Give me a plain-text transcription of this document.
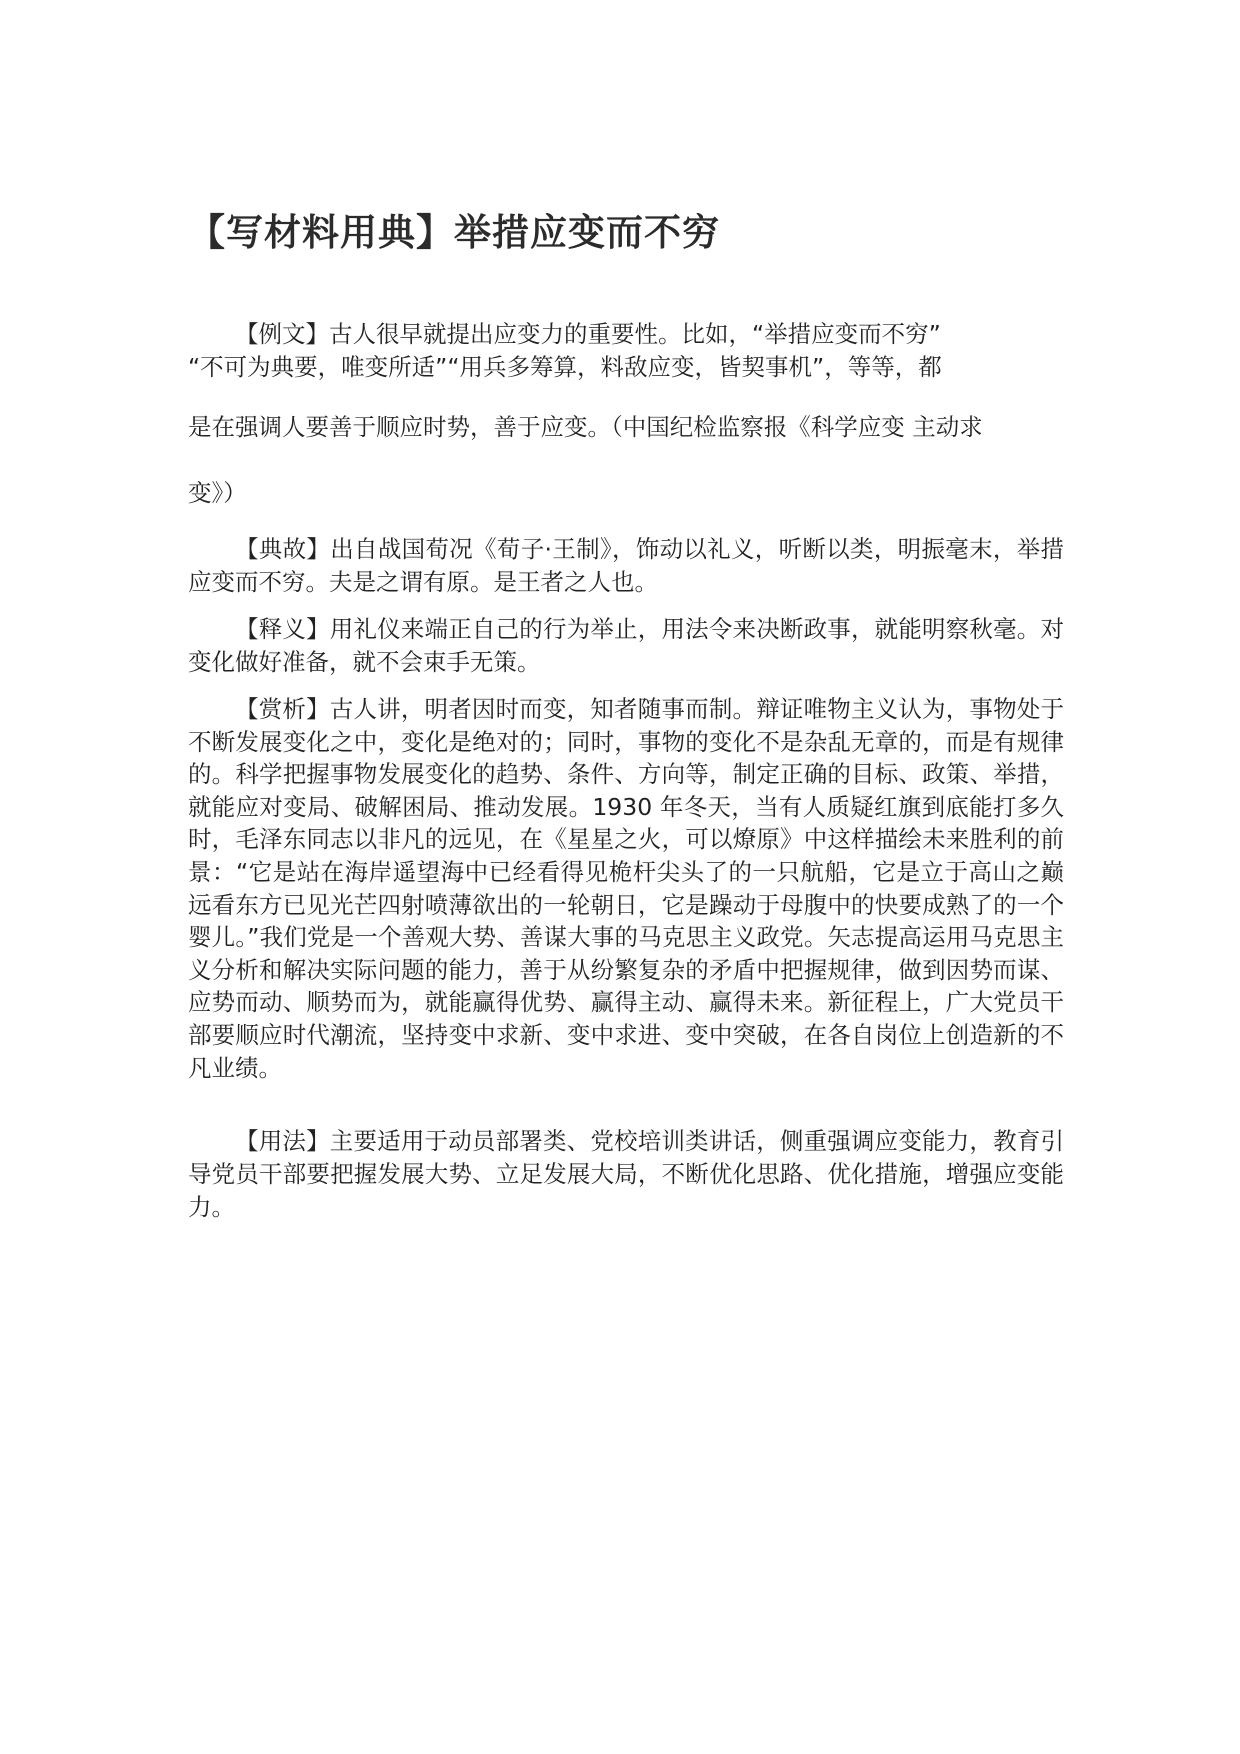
【写材料用典】举措应变而不穷
【例文】古人很早就提出应变力的重要性。比如，“举措应变而不穷”
“不可为典要，唯变所适”“用兵多筹算，料敌应变，皆契事机”，等等，都
是在强调人要善于顺应时势，善于应变。（中国纪检监察报《科学应变 主动求
变》）

【典故】出自战国荀况《荀子·王制》，饰动以礼义，听断以类，明振毫末，举措应变而不穷。夫是之谓有原。是王者之人也。

【释义】用礼仪来端正自己的行为举止，用法令来决断政事，就能明察秋毫。对变化做好准备，就不会束手无策。

【赏析】古人讲，明者因时而变，知者随事而制。辩证唯物主义认为，事物处于不断发展变化之中，变化是绝对的；同时，事物的变化不是杂乱无章的，而是有规律的。科学把握事物发展变化的趋势、条件、方向等，制定正确的目标、政策、举措，就能应对变局、破解困局、推动发展。1930 年冬天，当有人质疑红旗到底能打多久时，毛泽东同志以非凡的远见，在《星星之火，可以燎原》中这样描绘未来胜利的前景：“它是站在海岸遥望海中已经看得见桅杆尖头了的一只航船，它是立于高山之巅远看东方已见光芒四射喷薄欲出的一轮朝日，它是躁动于母腹中的快要成熟了的一个婴儿。”我们党是一个善观大势、善谋大事的马克思主义政党。矢志提高运用马克思主义分析和解决实际问题的能力，善于从纷繁复杂的矛盾中把握规律，做到因势而谋、应势而动、顺势而为，就能赢得优势、赢得主动、赢得未来。新征程上，广大党员干部要顺应时代潮流，坚持变中求新、变中求进、变中突破，在各自岗位上创造新的不凡业绩。

【用法】主要适用于动员部署类、党校培训类讲话，侧重强调应变能力，教育引导党员干部要把握发展大势、立足发展大局，不断优化思路、优化措施，增强应变能力。
